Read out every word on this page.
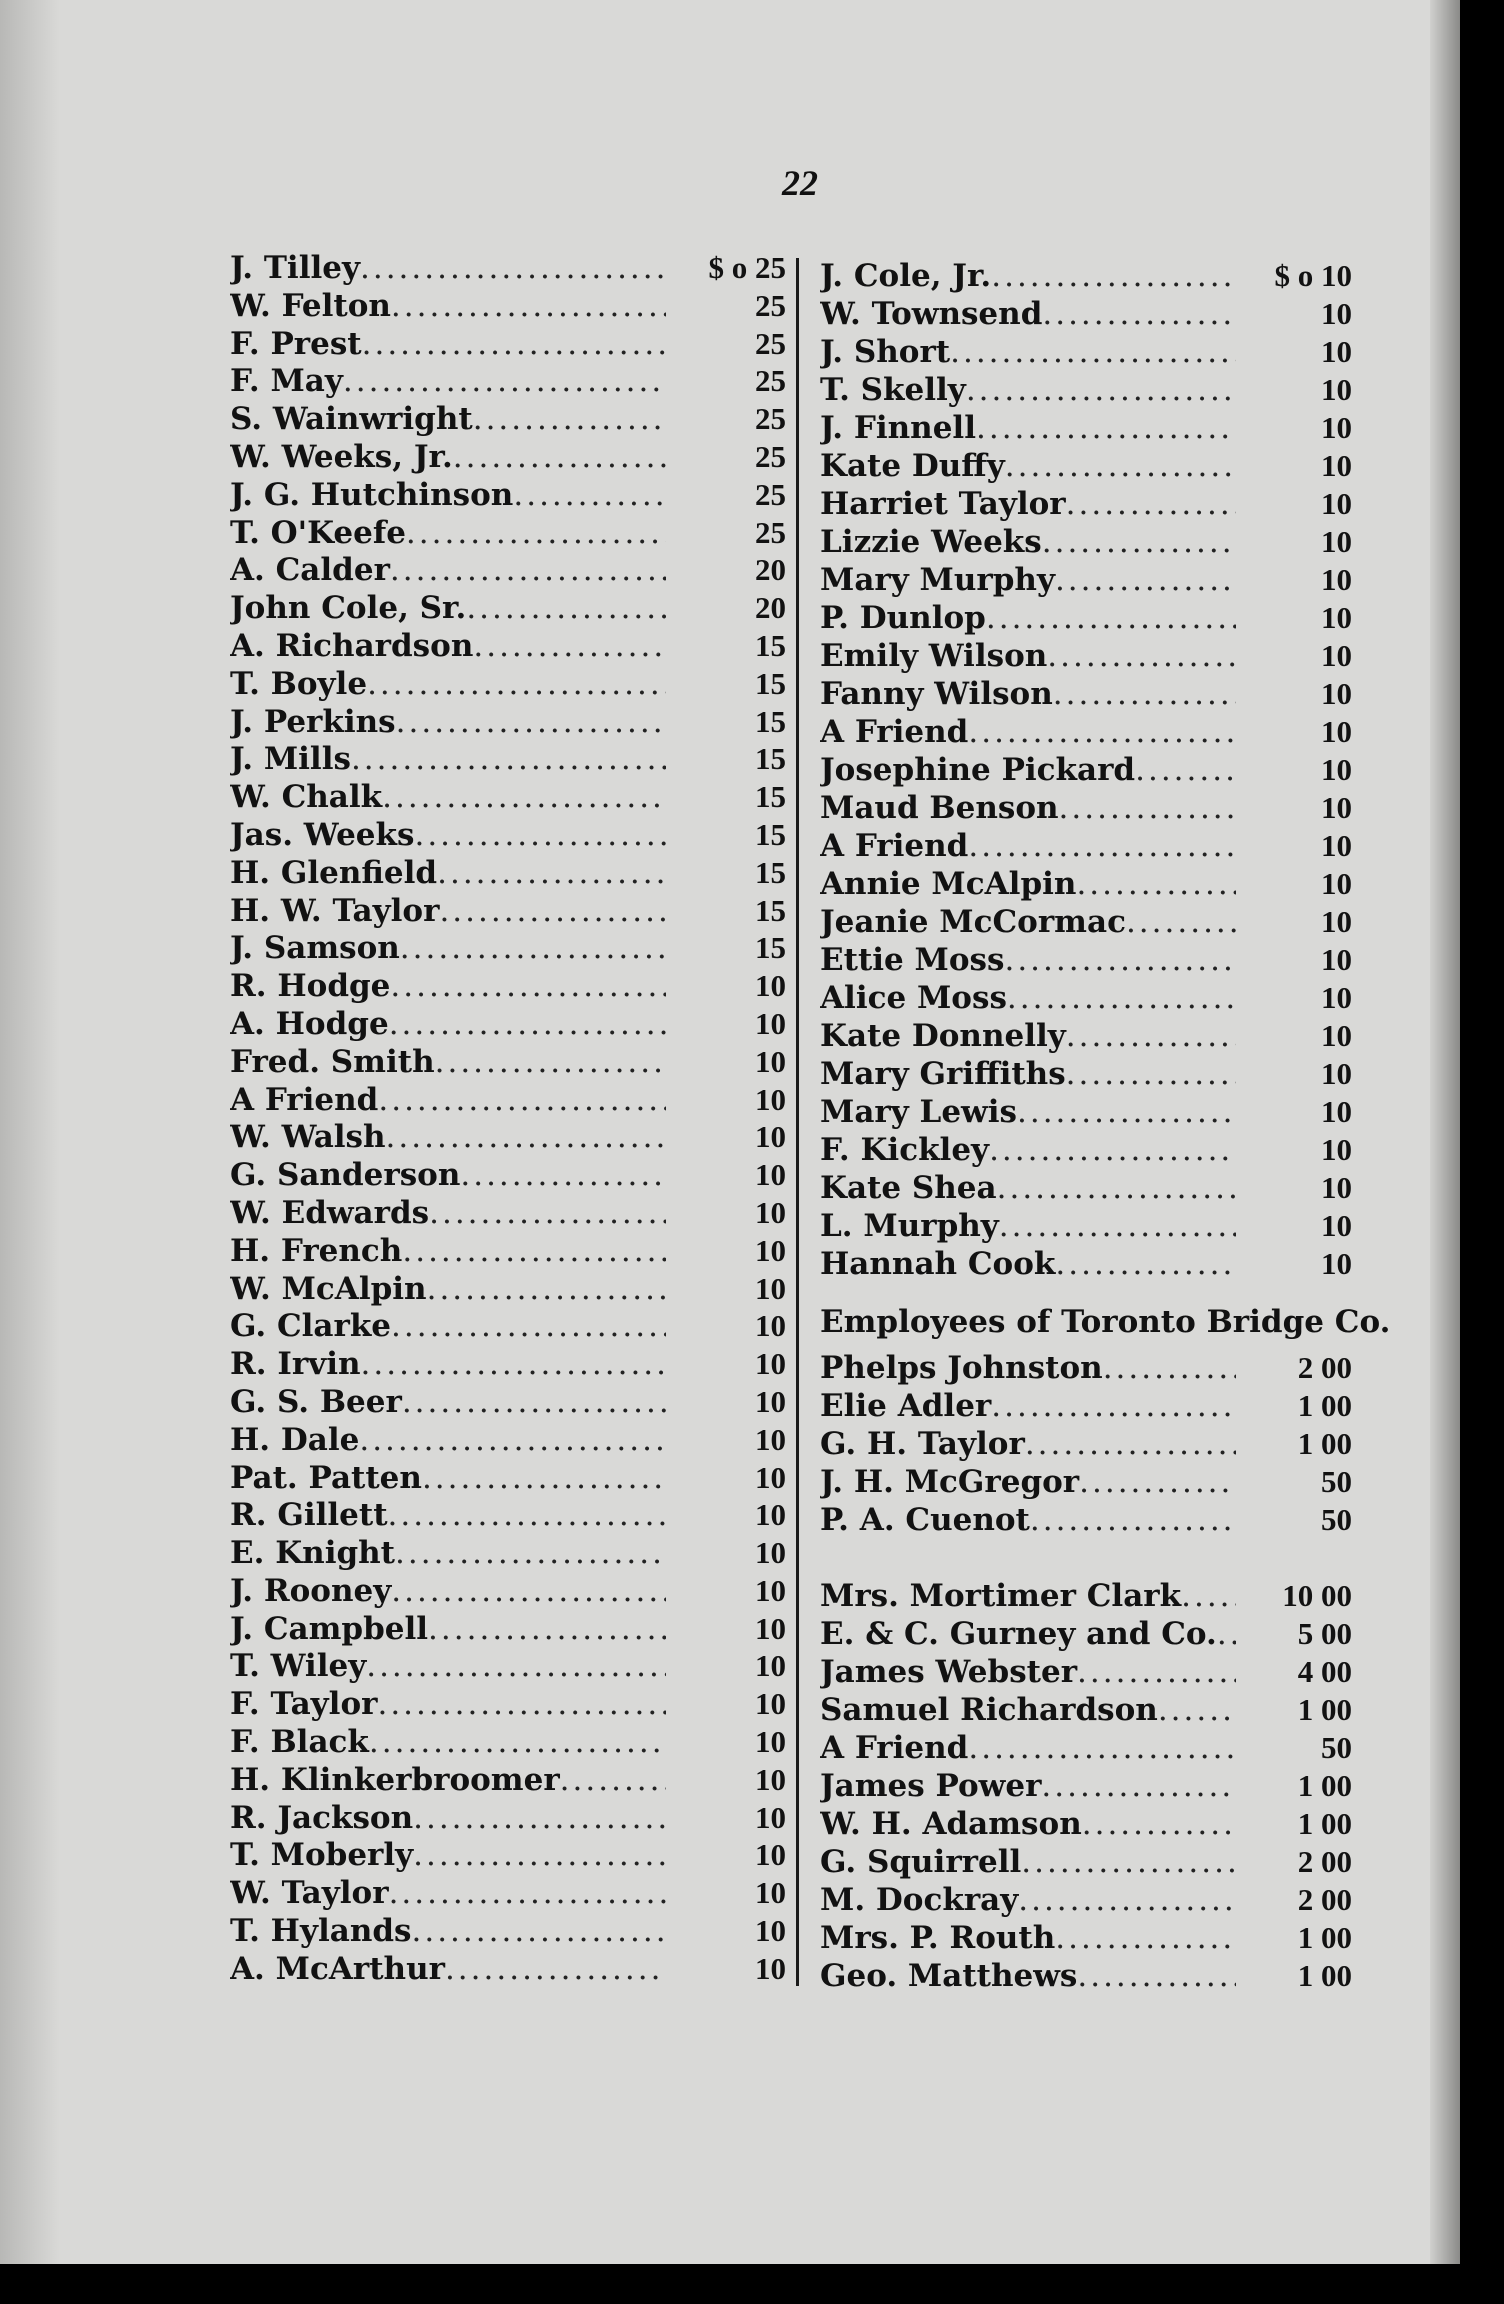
22
J. Tilley .....	$ o 25
W. Felton .....	25
F. Prest .....	25
F. May .....	25
S. Wainwright .....	25
W. Weeks, Jr. .....	25
J. G. Hutchinson .....	25
T. O'Keefe .....	25
A. Calder .....	20
John Cole, Sr. .....	20
A. Richardson .....	15
T. Boyle .....	15
J. Perkins .....	15
J. Mills .....	15
W. Chalk .....	15
Jas. Weeks .....	15
H. Glenfield .....	15
H. W. Taylor .....	15
J. Samson .....	15
R. Hodge .....	10
A. Hodge .....	10
Fred. Smith .....	10
A Friend .....	10
W. Walsh .....	10
G. Sanderson .....	10
W. Edwards .....	10
H. French .....	10
W. McAlpin .....	10
G. Clarke .....	10
R. Irvin .....	10
G. S. Beer .....	10
H. Dale .....	10
Pat. Patten .....	10
R. Gillett .....	10
E. Knight .....	10
J. Rooney .....	10
J. Campbell .....	10
T. Wiley .....	10
F. Taylor .....	10
F. Black .....	10
H. Klinkerbroomer .....	10
R. Jackson .....	10
T. Moberly .....	10
W. Taylor .....	10
T. Hylands .....	10
A. McArthur .....	10
J. Cole, Jr. .....	$ o 10
W. Townsend .....	10
J. Short .....	10
T. Skelly .....	10
J. Finnell .....	10
Kate Duffy .....	10
Harriet Taylor .....	10
Lizzie Weeks .....	10
Mary Murphy .....	10
P. Dunlop .....	10
Emily Wilson .....	10
Fanny Wilson .....	10
A Friend .....	10
Josephine Pickard .....	10
Maud Benson .....	10
A Friend .....	10
Annie McAlpin .....	10
Jeanie McCormac .....	10
Ettie Moss .....	10
Alice Moss .....	10
Kate Donnelly .....	10
Mary Griffiths .....	10
Mary Lewis .....	10
F. Kickley .....	10
Kate Shea .....	10
L. Murphy .....	10
Hannah Cook .....	10
Employees of Toronto Bridge Co.
Phelps Johnston .....	2 00
Elie Adler .....	1 00
G. H. Taylor .....	1 00
J. H. McGregor .....	50
P. A. Cuenot .....	50
Mrs. Mortimer Clark .....	10 00
E. & C. Gurney and Co. .....	5 00
James Webster .....	4 00
Samuel Richardson .....	1 00
A Friend .....	50
James Power .....	1 00
W. H. Adamson .....	1 00
G. Squirrell .....	2 00
M. Dockray .....	2 00
Mrs. P. Routh .....	1 00
Geo. Matthews .....	1 00
